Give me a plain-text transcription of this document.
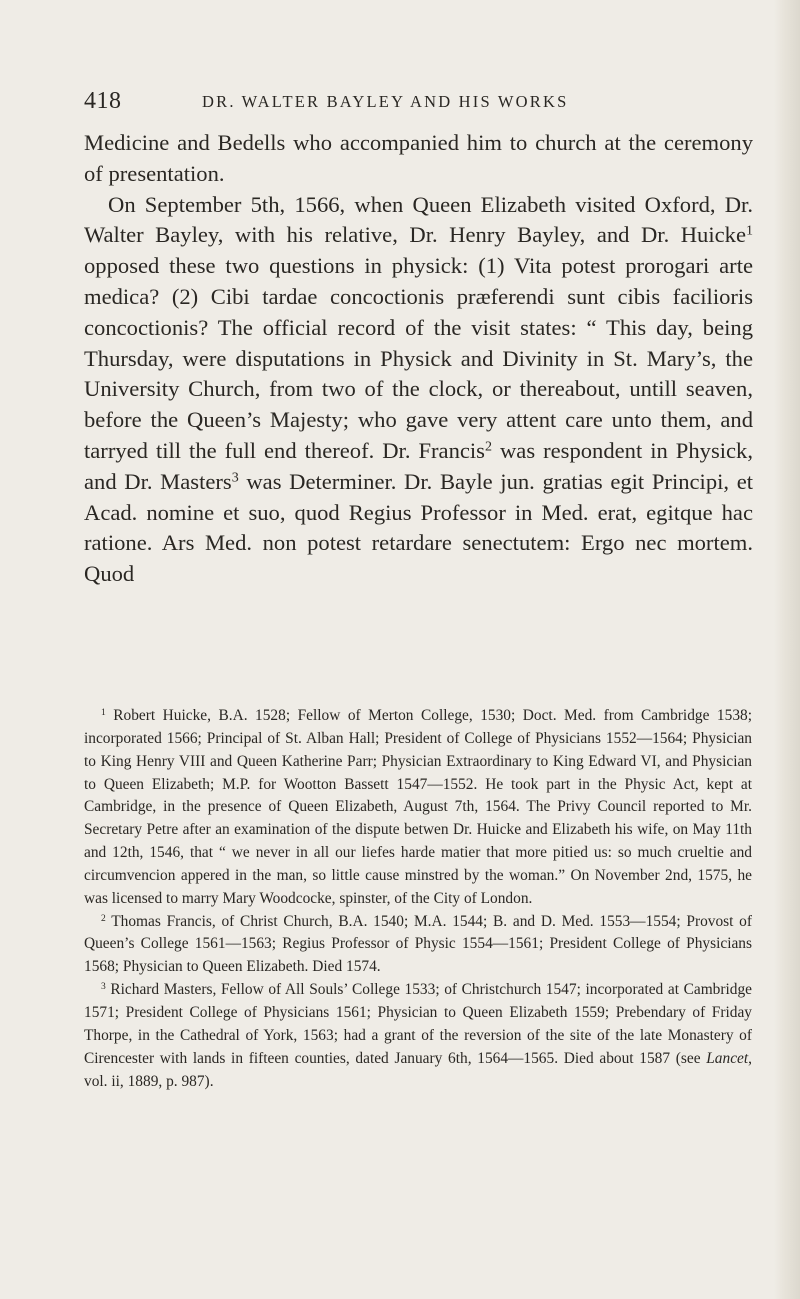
418	DR. WALTER BAYLEY AND HIS WORKS

Medicine and Bedells who accompanied him to church at the ceremony of presentation.

On September 5th, 1566, when Queen Elizabeth visited Oxford, Dr. Walter Bayley, with his relative, Dr. Henry Bayley, and Dr. Huicke$^1$ opposed these two questions in physick: (1) Vita potest prorogari arte medica? (2) Cibi tardae concoctionis præferendi sunt cibis facilioris concoctionis? The official record of the visit states: “ This day, being Thursday, were disputations in Physick and Divinity in St. Mary’s, the University Church, from two of the clock, or thereabout, untill seaven, before the Queen’s Majesty; who gave very attent care unto them, and tarryed till the full end thereof. Dr. Francis$^2$ was respondent in Physick, and Dr. Masters$^3$ was Determiner. Dr. Bayle jun. gratias egit Principi, et Acad. nomine et suo, quod Regius Professor in Med. erat, egitque hac ratione. Ars Med. non potest retardare senectutem: Ergo nec mortem. Quod

$^1$ Robert Huicke, B.A. 1528; Fellow of Merton College, 1530; Doct. Med. from Cambridge 1538; incorporated 1566; Principal of St. Alban Hall; President of College of Physicians 1552—1564; Physician to King Henry VIII and Queen Katherine Parr; Physician Extraordinary to King Edward VI, and Physician to Queen Elizabeth; M.P. for Wootton Bassett 1547—1552. He took part in the Physic Act, kept at Cambridge, in the presence of Queen Elizabeth, August 7th, 1564. The Privy Council reported to Mr. Secretary Petre after an examination of the dispute betwen Dr. Huicke and Elizabeth his wife, on May 11th and 12th, 1546, that “ we never in all our liefes harde matier that more pitied us: so much crueltie and circumvencion appered in the man, so little cause minstred by the woman.” On November 2nd, 1575, he was licensed to marry Mary Woodcocke, spinster, of the City of London.

$^2$ Thomas Francis, of Christ Church, B.A. 1540; M.A. 1544; B. and D. Med. 1553—1554; Provost of Queen’s College 1561—1563; Regius Professor of Physic 1554—1561; President College of Physicians 1568; Physician to Queen Elizabeth. Died 1574.

$^3$ Richard Masters, Fellow of All Souls’ College 1533; of Christchurch 1547; incorporated at Cambridge 1571; President College of Physicians 1561; Physician to Queen Elizabeth 1559; Prebendary of Friday Thorpe, in the Cathedral of York, 1563; had a grant of the reversion of the site of the late Monastery of Cirencester with lands in fifteen counties, dated January 6th, 1564—1565. Died about 1587 (see Lancet, vol. ii, 1889, p. 987).
